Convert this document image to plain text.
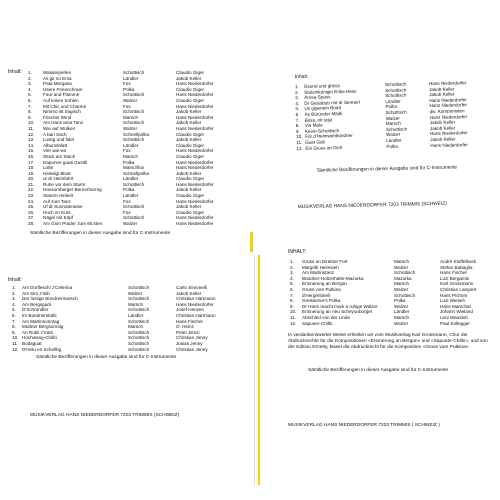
Inhalt: 1.
2.
3.
4.
5.
6.
7.
8.
9.
10.
11.
12.
13.
14.
15.
16.
17.
18.
19.
20.
21.
22.
23.
24.
25.
26.
27.
28.
Wasserperlen
As git no Ema
Pata Morgana
Usere Ferienchraer
Four und Flamme
Auf leisen Sohlen
Mit Chic und Charme
Nimmo ist tragisch
Frischer Wind
Am Hans ama Tanz
Wie auf Wolken
A bari Sach
Lustig und fidel
Albumsblatt
Vier wie wir
Stück am Stück
Dapunne guati Gusttli
Lotte
Heissigi Blust
ut dr Heimfahrt
Ruhe vor dem Sturm
Hansomberger Bernerhorrng
Staurm Hinkeit
Auf zum Tanz
Uf dr Sunnaterasse
Hoch im Kurs
Nägel mit Köpf
Am Gion Prader zum 90.sten
Schottisch
Ländler
Fox
Polka
Schottisch
Walzer
Fox
Schottisch
Marsch
Schottisch
Walzer
Schnellpolka
Schottisch
Ländler
Fox
Marsch
Polka
Marschfox
Schnellpolka
Ländler
Schottisch
Polka
Ländler
Fox
Schottisch
Fox
Schottisch
Walzer
Claudio Giger
Jakob Keller
Hans Niederdorfer
Claudio Giger
Hans Niederdorfer
Claudio Giger
Hans Niederdorfer
Jakob Keller
Hans Niederdorfer
Jakob Keller
Hans Niederdorfer
Claudio Giger
Jakob Keller
Claudio Giger
Hans Niederdorfer
Claudio Giger
Hans Niederdorfer
Hans Niederdorfer
Jakob Keller
Claudio Giger
Hans Niederdorfer
Jakob Keller
Claudio Giger
Hans Niederdorfer
Jakob Keller
Claudio Giger
Hans Niederdorfer
Hans Niederdorfer
Sämtliche Bezifferungen in dieser Ausgabe sind für C-Instrumente
Inhalt:
1.
2.
3.
4.
5.
6.
7.
8.
9.
10.
11.
12.
Gsund und ghüss
Stalomkönigin Erika Hess
Arosa-Spass
Dr Geissbub mit dr Sennerl
Us gigenem Bodä
As Büründer Mädli
Böss, nit sojä
Via Mala
Kevin-Schottisch
Für d'Heimwehbündner
Guet Gäll
Ein Gruss an Dich
Schottisch
Schottisch
Schottisch
Ländler
Polka
Schottisch
Walzer
Marsch
Schottisch
Walzer
Ländler
Polka
Hans Niederdorfer
Jakob Keller
Jakob Keller
Hans Niederdorfer
Hans Niederdorfer
div. Komponisten
Hans Niederdorfer
Jakob Keller
Jakob Keller
Hans Niederdorfer
Jakob Keller
Hans Niederdorfer
Sämtliche Bezifferungen in dieser Ausgabe sind für C-Instrumente
MUSIKVERLAG HANS NIEDERDORFER 7203 TRIMMIS (SCHWEIZ)
Inhalt:
1.
2.
3.
4.
5.
6.
7.
8.
9.
10.
11.
12.
Am Dorfleschi z'Celerina
Am Sim z'Isib
Der lustige Bündnermarsch
Am Bergsgadi
D'Schründler
Im Bündnerstübli
Am Martinsonntag
Muttner Bergsunntig
An Rubli z'rüüti
Hochwang-Chilbi
Bodaguat
D'Hirtu en Schellbg
Schottisch
Walzer
Schottisch
Marsch
Schottisch
Ländler
Schottisch
Marsch
Schottisch
Schottisch
Schottisch
Schottisch
Carlo Simonelli
Jakob Keller
Christian Hartmann
Hans Niederdorfer
Josef Henzen
Christian Hartmann
Hans Fischer
O. Heinz
Peter Zenzi
Christian Jenny
Josias Jenny
Christian Jenny
Sämtliche Bezifferungen in dieser Ausgabe sind für C-Instrumente
MUSIKVERLAG HANS NIEDERDORFER 7203 TRIMMIS (SCHWEIZ)
INHALT:
1.
2.
3.
4.
5.
6.
7.
8.
9.
10.
11.
12.
Gruss an Direktor Fort
Margritli Heimweh
Am Martinstanz
Bündner-Holzerhütte-Mazurka
Erinnerung an Bergün
Gruss vom Putkina
d'Hergerloterli
Greissener's Polka
Dr Hürni macht mark a ruhige Walzer
Erinnerung an neu Scheyunborget
Abschied von der Linde
Sapuner-Chilbi
Marsch
Walzer
Schottisch
Mazurka
Marsch
Walzer
Schottisch
Polka
Walzer
Ländler
Marsch
Walzer
André Stoffelback
Stefan Battaglia
Hans Fischer
Luzi Bergamin
Karl Grossmann
Christian Lampert
Hans Pichom
Luzi Wieseh
Hans Marschal
Johann Wieland
Leni Waustoh
Paul Kollegger
In verdankenswerter Weise erhielten wir vom Musikverlag Karl Grossmann, Chur die Abdruckrechte für die Kompositionen «Erinnerung an Bergün» und «Sapuner-Chilbi», und von der Edition Ernetty, Basel die Abdruckrecht für die Komposition «Gruss vom Putkina».
Sämtliche Bezifferungen in dieser Ausgabe sind für C-Instrumente
MUSIKVERLAG HANS NIEDERDORFER 7203 TRIMMIS ( SCHWEIZ )
